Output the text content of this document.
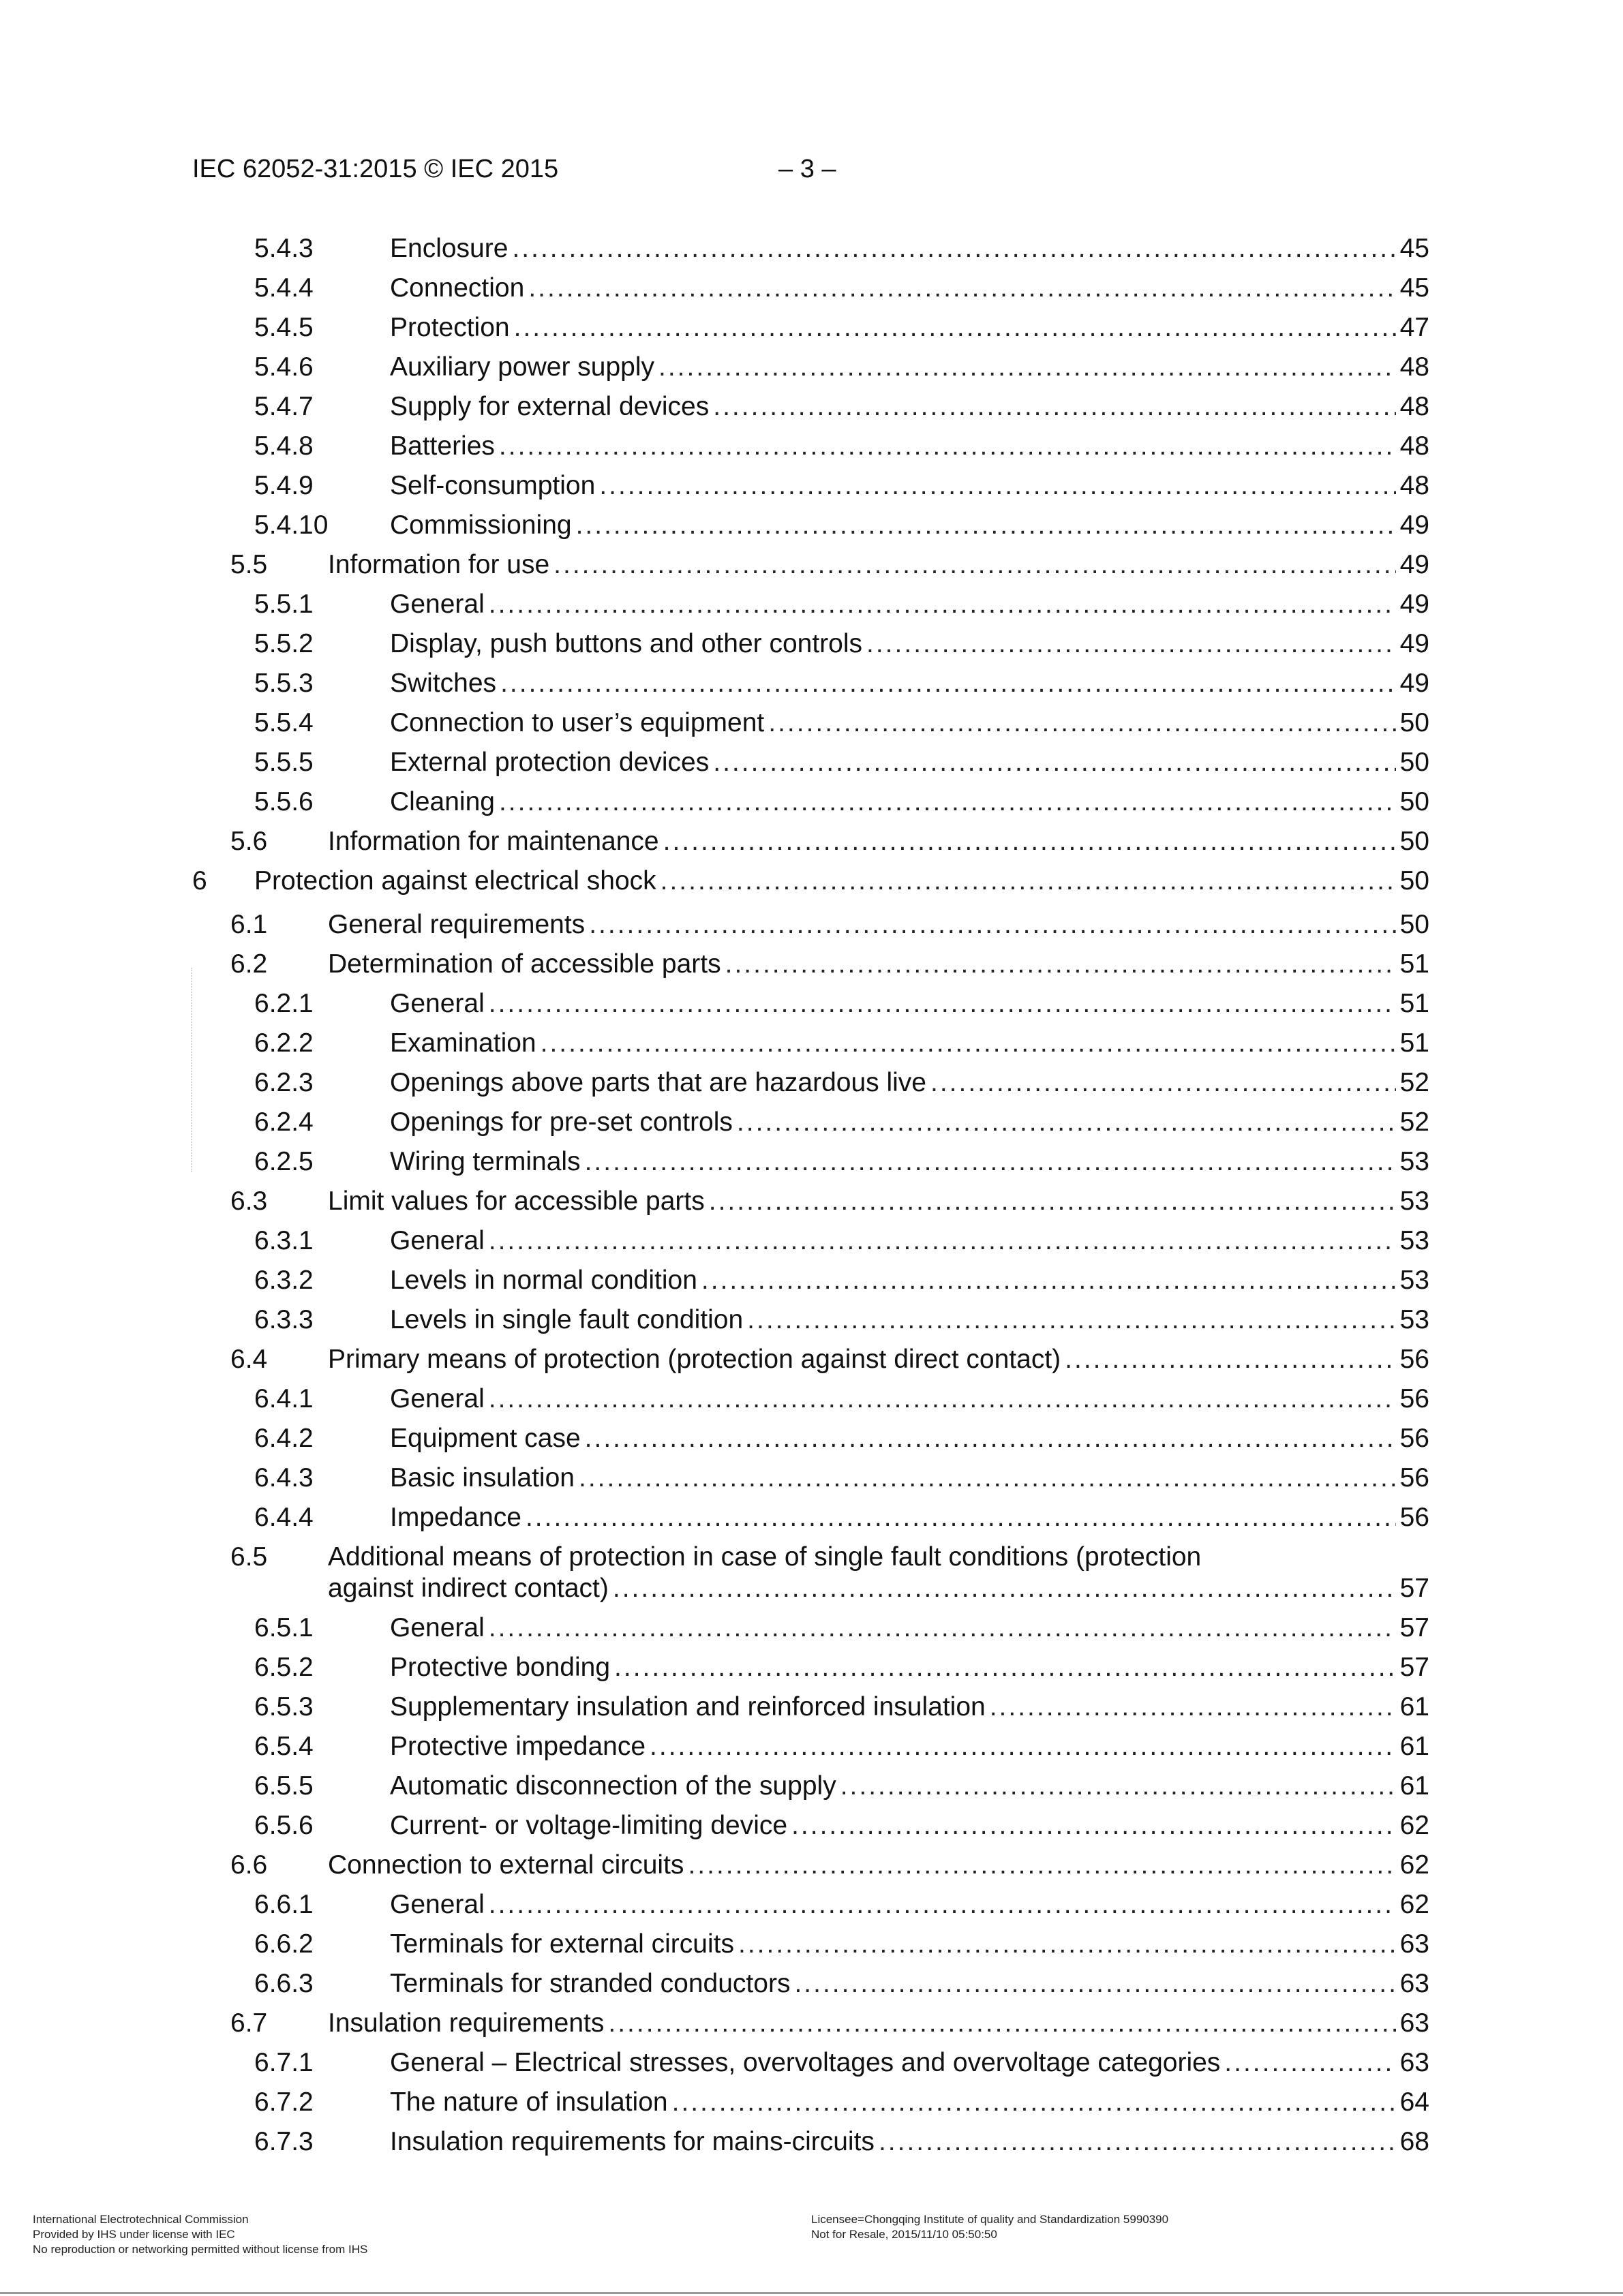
IEC 62052-31:2015 © IEC 2015	– 3 –
5.4.3	Enclosure .....	45
5.4.4	Connection .....	45
5.4.5	Protection .....	47
5.4.6	Auxiliary power supply .....	48
5.4.7	Supply for external devices .....	48
5.4.8	Batteries .....	48
5.4.9	Self-consumption .....	48
5.4.10 Commissioning .....	49
5.5 Information for use .....	49
5.5.1	General .....	49
5.5.2	Display, push buttons and other controls .....	49
5.5.3	Switches .....	49
5.5.4	Connection to user’s equipment .....	50
5.5.5	External protection devices .....	50
5.5.6	Cleaning .....	50
5.6 Information for maintenance .....	50
6 Protection against electrical shock .....	50
6.1 General requirements .....	50
6.2 Determination of accessible parts .....	51
6.2.1	General .....	51
6.2.2	Examination .....	51
6.2.3	Openings above parts that are hazardous live .....	52
6.2.4	Openings for pre-set controls .....	52
6.2.5	Wiring terminals .....	53
6.3 Limit values for accessible parts .....	53
6.3.1	General .....	53
6.3.2	Levels in normal condition .....	53
6.3.3	Levels in single fault condition .....	53
6.4 Primary means of protection (protection against direct contact) .....	56
6.4.1	General .....	56
6.4.2	Equipment case .....	56
6.4.3	Basic insulation .....	56
6.4.4	Impedance .....	56
6.5 Additional means of protection in case of single fault conditions (protection
against indirect contact) .....	57
6.5.1	General .....	57
6.5.2	Protective bonding .....	57
6.5.3	Supplementary insulation and reinforced insulation .....	61
6.5.4	Protective impedance .....	61
6.5.5	Automatic disconnection of the supply .....	61
6.5.6	Current- or voltage-limiting device .....	62
6.6 Connection to external circuits .....	62
6.6.1	General .....	62
6.6.2	Terminals for external circuits .....	63
6.6.3	Terminals for stranded conductors .....	63
6.7 Insulation requirements .....	63
6.7.1	General – Electrical stresses, overvoltages and overvoltage categories .....	63
6.7.2	The nature of insulation .....	64
6.7.3	Insulation requirements for mains-circuits .....	68
International Electrotechnical Commission
Provided by IHS under license with IEC
No reproduction or networking permitted without license from IHS
Licensee=Chongqing Institute of quality and Standardization 5990390
Not for Resale, 2015/11/10 05:50:50
